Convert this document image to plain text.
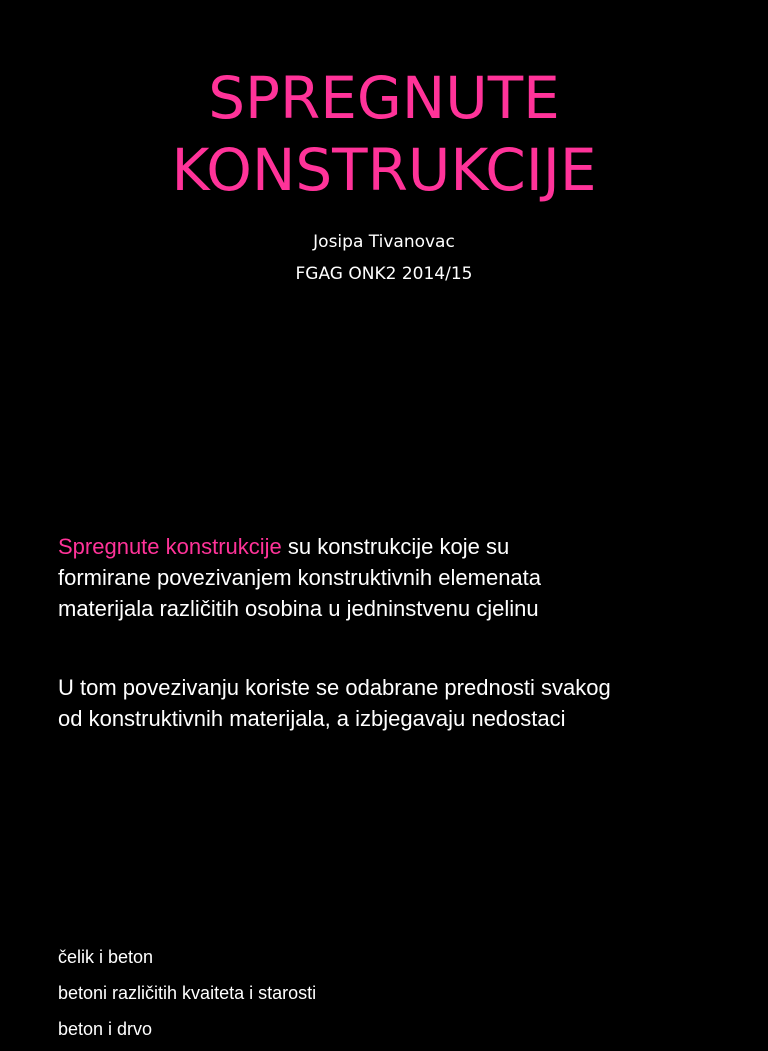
SPREGNUTE
KONSTRUKCIJE
Josipa Tivanovac
FGAG ONK2 2014/15

Spregnute konstrukcije su konstrukcije koje su
formirane povezivanjem konstruktivnih elemenata
materijala različitih osobina u jedninstvenu cjelinu

U tom povezivanju koriste se odabrane prednosti svakog
od konstruktivnih materijala, a izbjegavaju nedostaci

čelik i beton
betoni različitih kvaiteta i starosti
beton i drvo
